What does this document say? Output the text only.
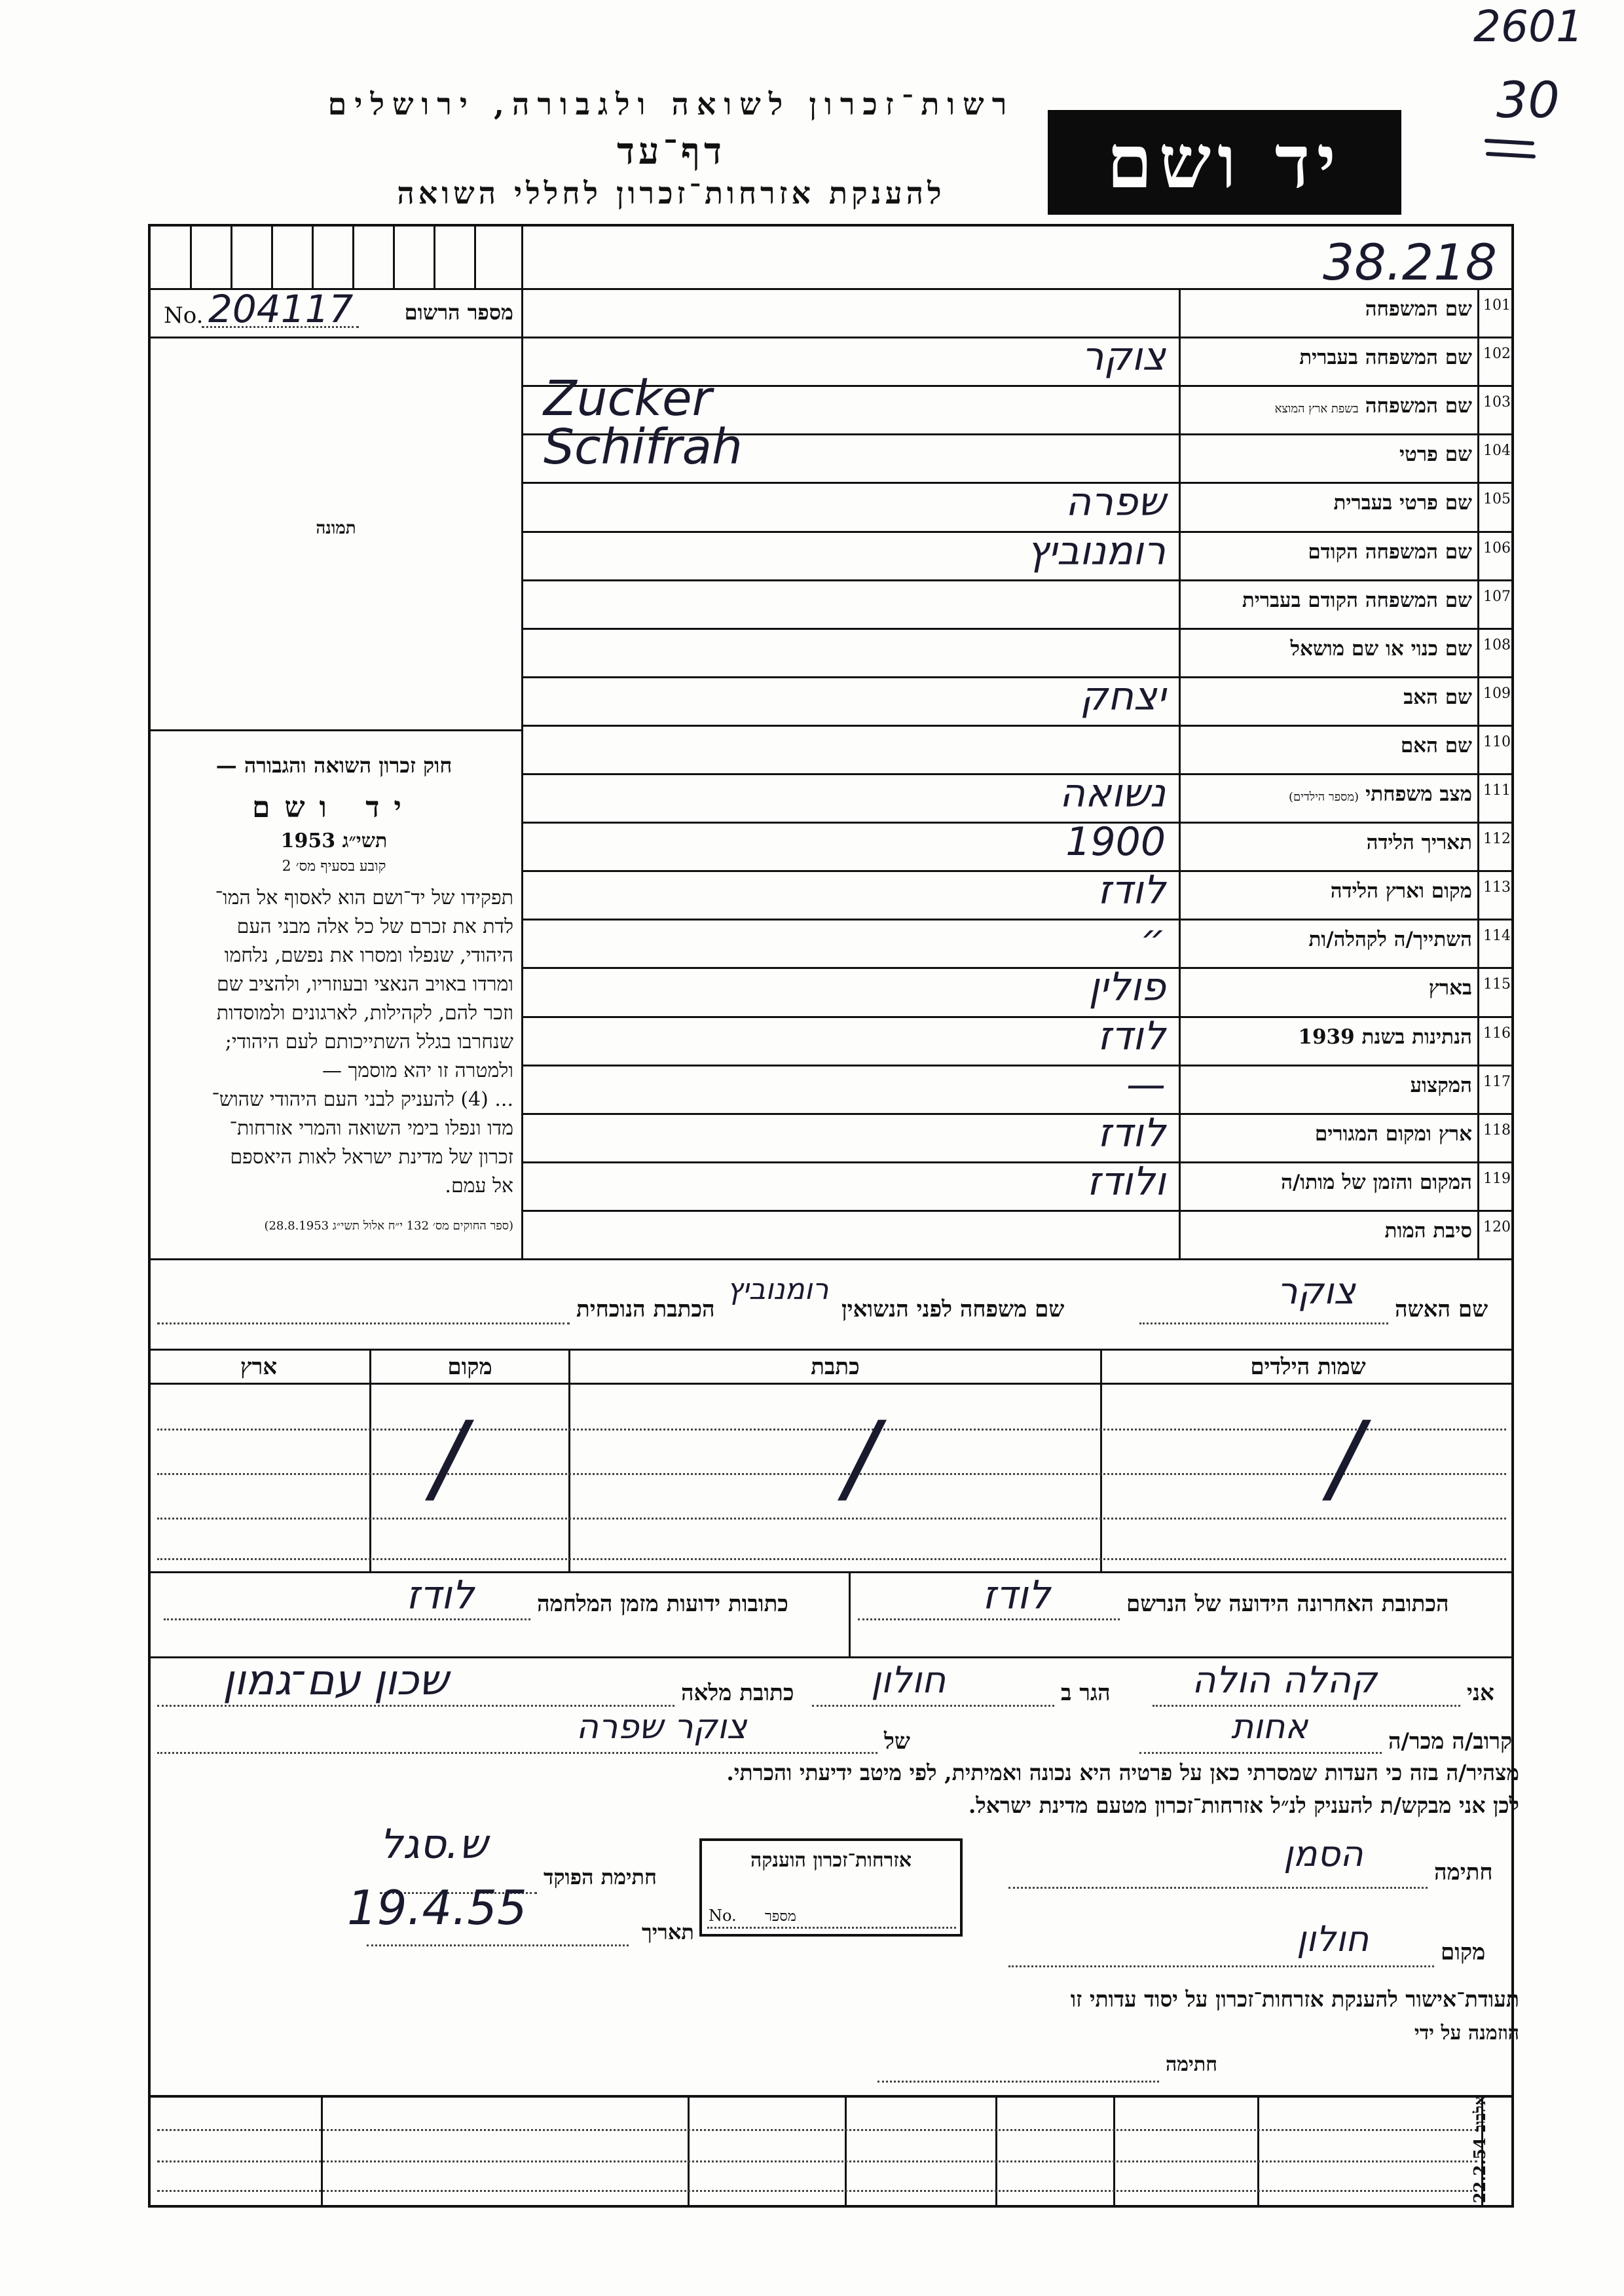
2601
30
רשות־זכרון לשואה ולגבורה, ירושלים
דף־עד
להענקת אזרחות־זכרון לחללי השואה	יד ושם
38.218
No. 204117 מספר הרשום
תמונה
101
שם המשפחה
102
שם המשפחה בעברית
צוקר
103
שם המשפחהבשפת ארץ המוצא
Zucker
104
שם פרטי
Schifrah
105
שם פרטי בעברית
שפרה
106
שם המשפחה הקודם
רומנוביץ
107
שם המשפחה הקודם בעברית
108
שם כנוי או שם מושאל
109
שם האב
יצחק
110
שם האם
111
מצב משפחתי(מספר הילדים)
נשואה
112
תאריך הלידה
1900
113
מקום וארץ הלידה
לודז
114
השתייך/ה לקהלה/ות
״
115
בארץ
פולין
116
הנתינות בשנת 1939
לודז
117
המקצוע
—
118
ארץ ומקום המגורים
לודז
119
המקום והזמן של מותו/ה
ולודז
120
סיבת המות
חוק זכרון השואה והגבורה —
יד ושם
תשי״ג 1953
קובע בסעיף מס׳ 2
תפקידו של יד־ושם הוא לאסוף אל המו־
לדת את זכרם של כל אלה מבני העם
היהודי, שנפלו ומסרו את נפשם, נלחמו
ומרדו באויב הנאצי ובעוזריו, ולהציב שם
וזכר להם, לקהילות, לארגונים ולמוסדות
שנחרבו בגלל השתייכותם לעם היהודי;
ולמטרה זו יהא מוסמך —
... (4) להעניק לבני העם היהודי שהוש־
מדו ונפלו בימי השואה והמרי אזרחות־
זכרון של מדינת ישראל לאות היאספם
אל עמם.
(ספר החוקים מס׳ 132 י״ח אלול תשי״ג 28.8.1953)
שם האשה
צוקר
שם משפחה לפני הנשואין
רומנוביץ
הכתבת הנוכחית
שמות הילדים
כתבת
מקום
ארץ
/
/
/
הכתובת האחרונה הידועה של הנרשם
לודז
כתובות ידועות מזמן המלחמה
לודז
אני
קהלה הולה
הגר ב
חולון
כתובת מלאה
שכון עם־גמון
קרוב/ה מכר/ה
אחות
של
צוקר שפרה
מצהיר/ה בזה כי העדות שמסרתי כאן על פרטיה היא נכונה ואמיתית, לפי מיטב ידיעתי והכרתי.
לכן אני מבקש/ת להעניק לנ״ל אזרחות־זכרון מטעם מדינת ישראל.
חתימה
הסמן
מקום
חולון
אזרחות־זכרון הוענקה
No. מספר
חתימת הפוקד
ש.סגל
תאריך
19.4.55
תעודת־אישור להענקת אזרחות־זכרון על יסוד עדותי זו
הוזמנה על ידי
חתימה
אלבוב 22.2.54
